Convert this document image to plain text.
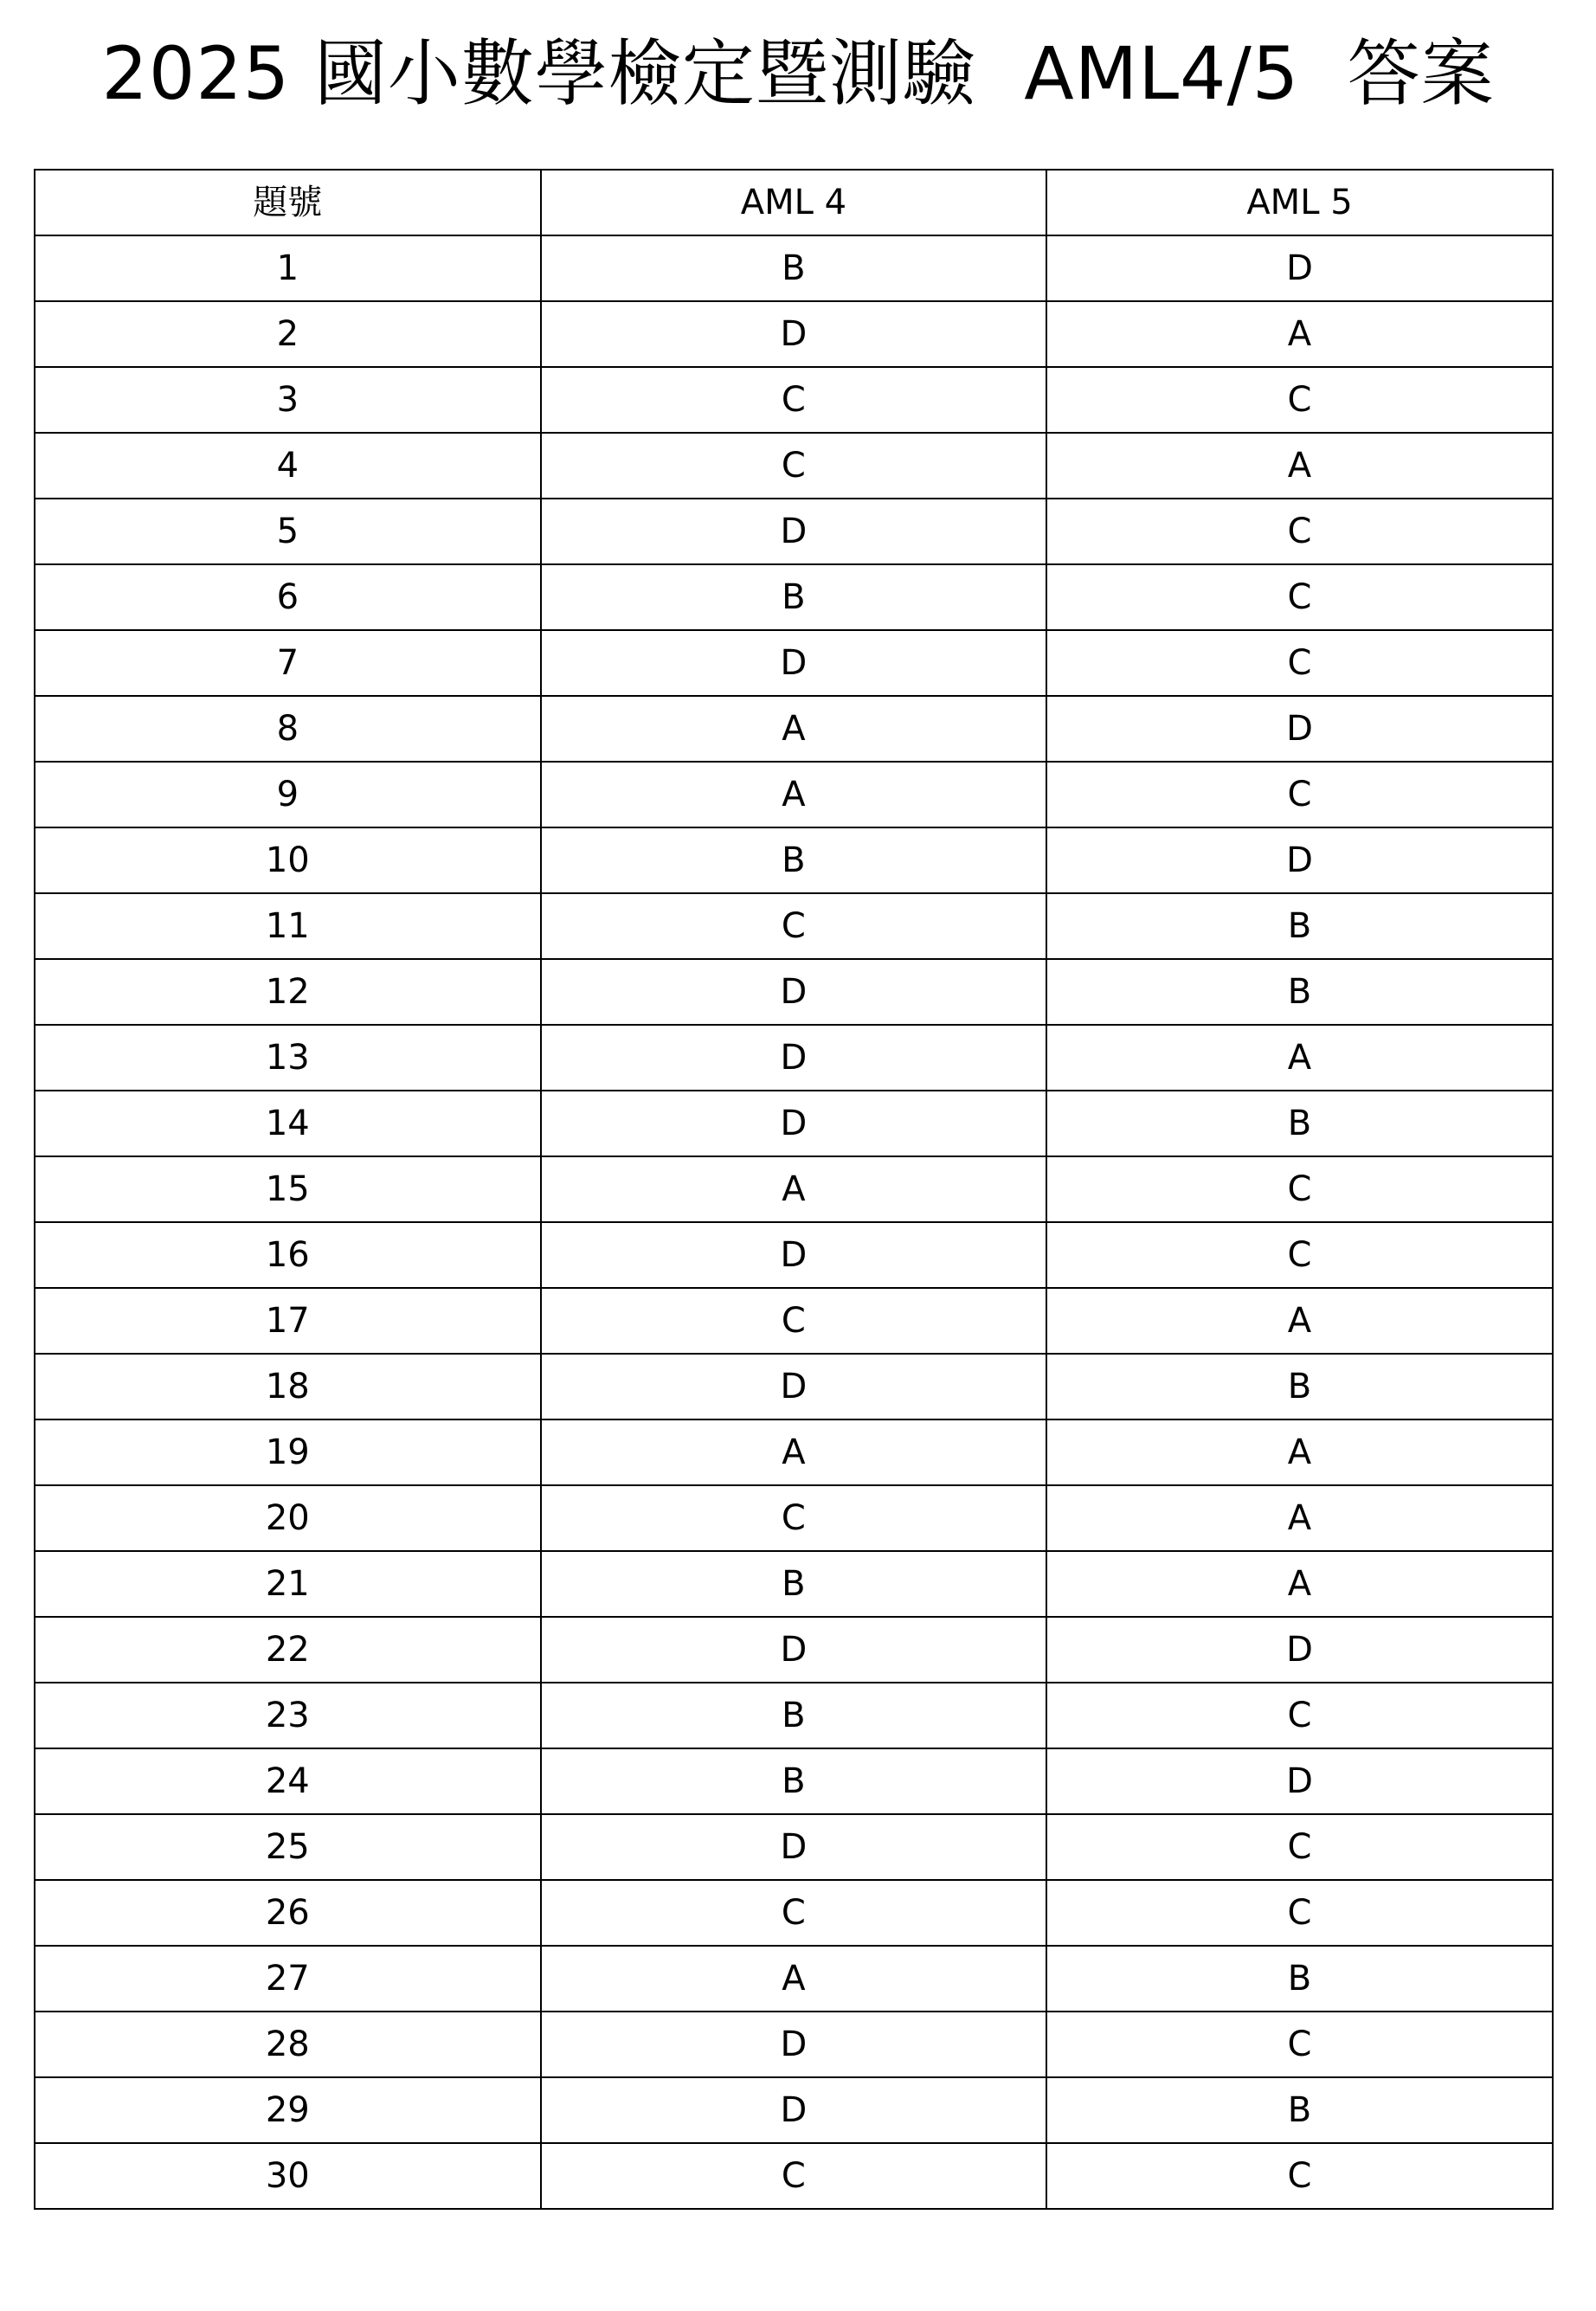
2025 國小數學檢定暨測驗  AML4/5  答案
題號	AML 4	AML 5
1	B	D
2	D	A
3	C	C
4	C	A
5	D	C
6	B	C
7	D	C
8	A	D
9	A	C
10	B	D
11	C	B
12	D	B
13	D	A
14	D	B
15	A	C
16	D	C
17	C	A
18	D	B
19	A	A
20	C	A
21	B	A
22	D	D
23	B	C
24	B	D
25	D	C
26	C	C
27	A	B
28	D	C
29	D	B
30	C	C
